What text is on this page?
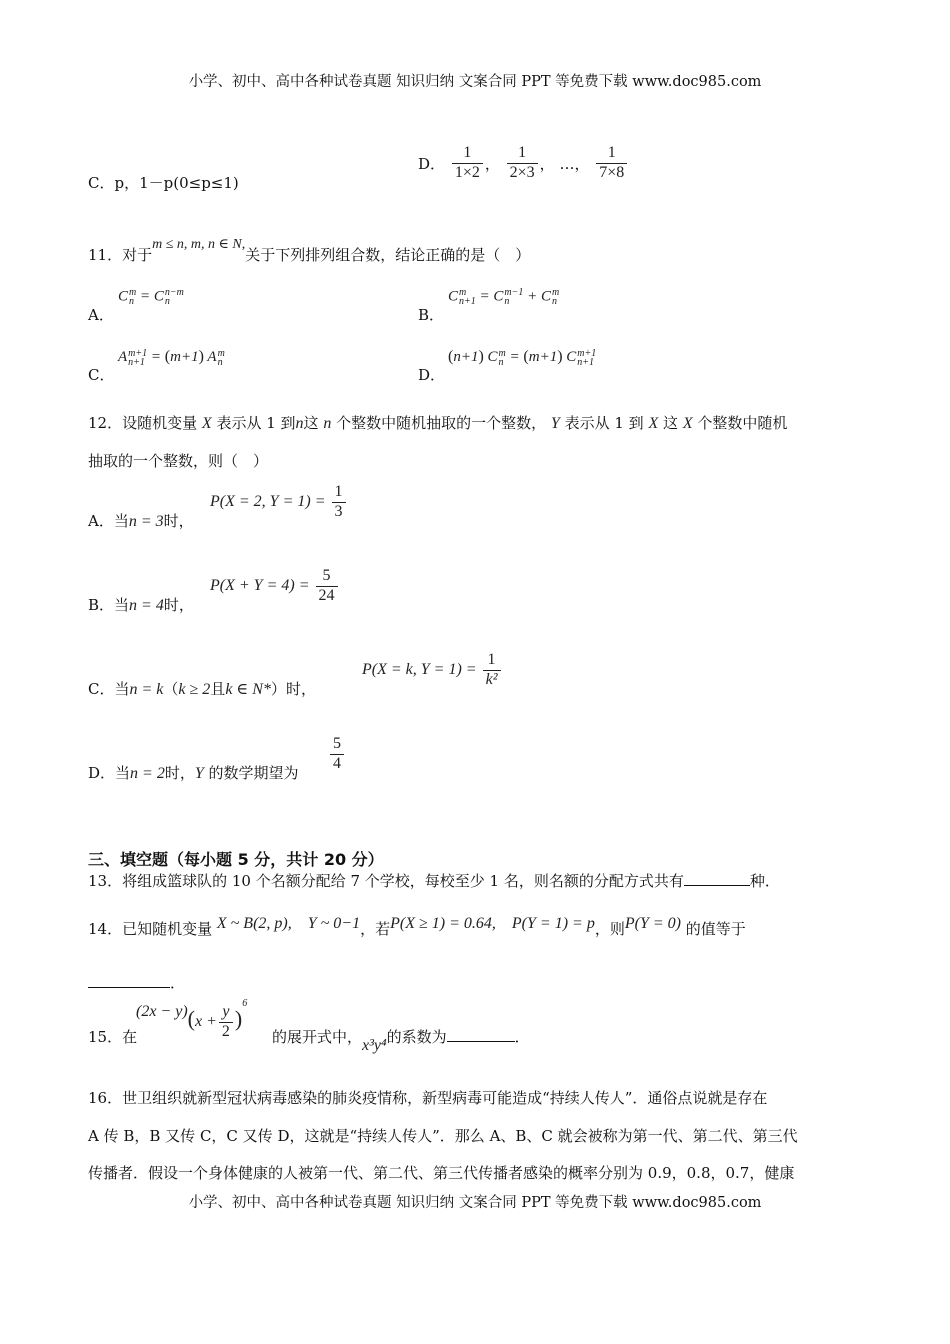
小学、初中、高中各种试卷真题 知识归纳 文案合同 PPT 等免费下载 www.doc985.com
C．p，1－p(0≤p≤1)
D． $\frac{1}{1\times 2}$ ， $\frac{1}{2\times 3}$ ， …， $\frac{1}{7\times 8}$
11．对于m ≤ n, m, n ∈ N,关于下列排列组合数，结论正确的是（　）
A．
C m
n = C n−m
n
B．
C m
n+1 = C m−1
n + C m
n
C．
A m+1
n+1 = (m+1) A m
n
D．
(n+1) C m
n = (m+1) C m+1
n+1
12．设随机变量 X 表示从 1 到n这 n 个整数中随机抽取的一个整数， Y 表示从 1 到 X 这 X 个整数中随机
抽取的一个整数，则（　）
A．当n = 3时，
P(X = 2, $Y = 1) = \frac{1}{3}$
B．当n = 4时，
$P(X + Y = 4) = \frac{5}{24}$
C．当n = k（k ≥ 2且k ∈ N*）时，
P(X = k, $Y = 1) = \frac{1}{\text{k²}}$
D．当n = 2时，Y 的数学期望为
$\frac{5}{4}$
三、填空题（每小题 5 分，共计 20 分）
13．将组成篮球队的 10 个名额分配给 7 个学校，每校至少 1 名，则名额的分配方式共有	种．
14．已知随机变量 X ~ B(2, p),　Y ~ 0−1，若P(X ≥ 1) = 0.64,　P(Y = 1) = p，则P(Y = 0) 的值等于
．
15．在
$(2x - y)(x + \frac{y}{2} )^6$
的展开式中，x³y⁴的系数为	．
16．世卫组织就新型冠状病毒感染的肺炎疫情称，新型病毒可能造成“持续人传人”．通俗点说就是存在
A 传 B，B 又传 C，C 又传 D，这就是“持续人传人”．那么 A、B、C 就会被称为第一代、第二代、第三代
传播者．假设一个身体健康的人被第一代、第二代、第三代传播者感染的概率分别为 0.9，0.8，0.7，健康
小学、初中、高中各种试卷真题 知识归纳 文案合同 PPT 等免费下载 www.doc985.com
